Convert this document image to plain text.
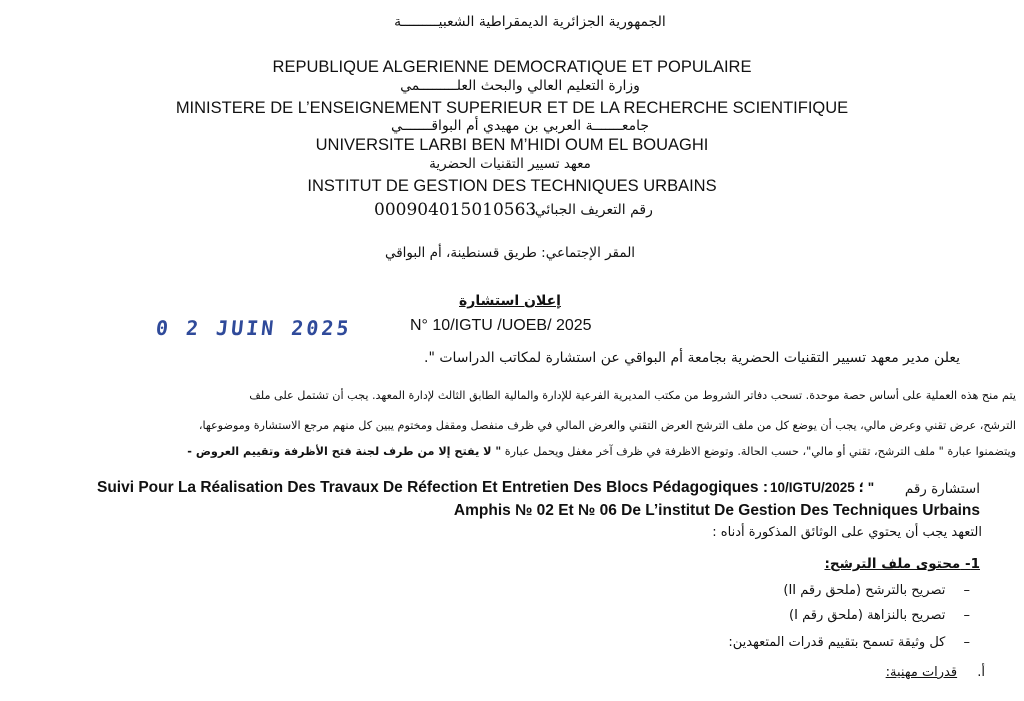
الجمهورية الجزائرية الديمقراطية الشعبيـــــــــة
REPUBLIQUE ALGERIENNE DEMOCRATIQUE ET POPULAIRE
وزارة التعليم العالي والبحث العلـــــــــمي
MINISTERE DE L’ENSEIGNEMENT SUPERIEUR ET DE LA RECHERCHE SCIENTIFIQUE
جامعـــــــة العربي بن مهيدي أم البواقـــــــي
UNIVERSITE LARBI BEN M’HIDI OUM EL BOUAGHI
معهد تسيير التقنيات الحضرية
INSTITUT DE GESTION DES TECHNIQUES URBAINS
رقم التعريف الجبائي:
000904015010563
المقر الإجتماعي: طريق قسنطينة، أم البواقي
0 2 JUIN 2025
إعلان استشارة
N° 10/IGTU /UOEB/ 2025
يعلن مدير معهد تسيير التقنيات الحضرية بجامعة أم البواقي عن استشارة لمكاتب الدراسات ".
يتم منح هذه العملية على أساس حصة موحدة. تسحب دفاتر الشروط من مكتب المديرية الفرعية للإدارة والمالية الطابق الثالث لإدارة المعهد. يجب أن تشتمل على ملف
الترشح، عرض تقني وعرض مالي، يجب أن يوضع كل من ملف الترشح العرض التقني والعرض المالي في ظرف منفصل ومقفل ومختوم يبين كل منهم مرجع الاستشارة وموضوعها،
ويتضمنوا عبارة " ملف الترشح، تقني أو مالي"، حسب الحالة. وتوضع الاظرفة في ظرف آخر مغفل ويحمل عبارة " لا يفتح إلا من طرف لجنة فتح الأظرفة وتقييم العروض -
استشارة رقم
10/IGTU/2025 ؛ "
Suivi Pour La Réalisation Des Travaux De Réfection Et Entretien Des Blocs Pédagogiques :
Amphis № 02 Et № 06 De L’institut De Gestion Des Techniques Urbains
التعهد يجب أن يحتوي على الوثائق المذكورة أدناه :
1- محتوى ملف الترشح:
– تصريح بالترشح (ملحق رقم II)
– تصريح بالنزاهة (ملحق رقم I)
– كل وثيقة تسمح بتقييم قدرات المتعهدين:
أ. قدرات مهنية:
